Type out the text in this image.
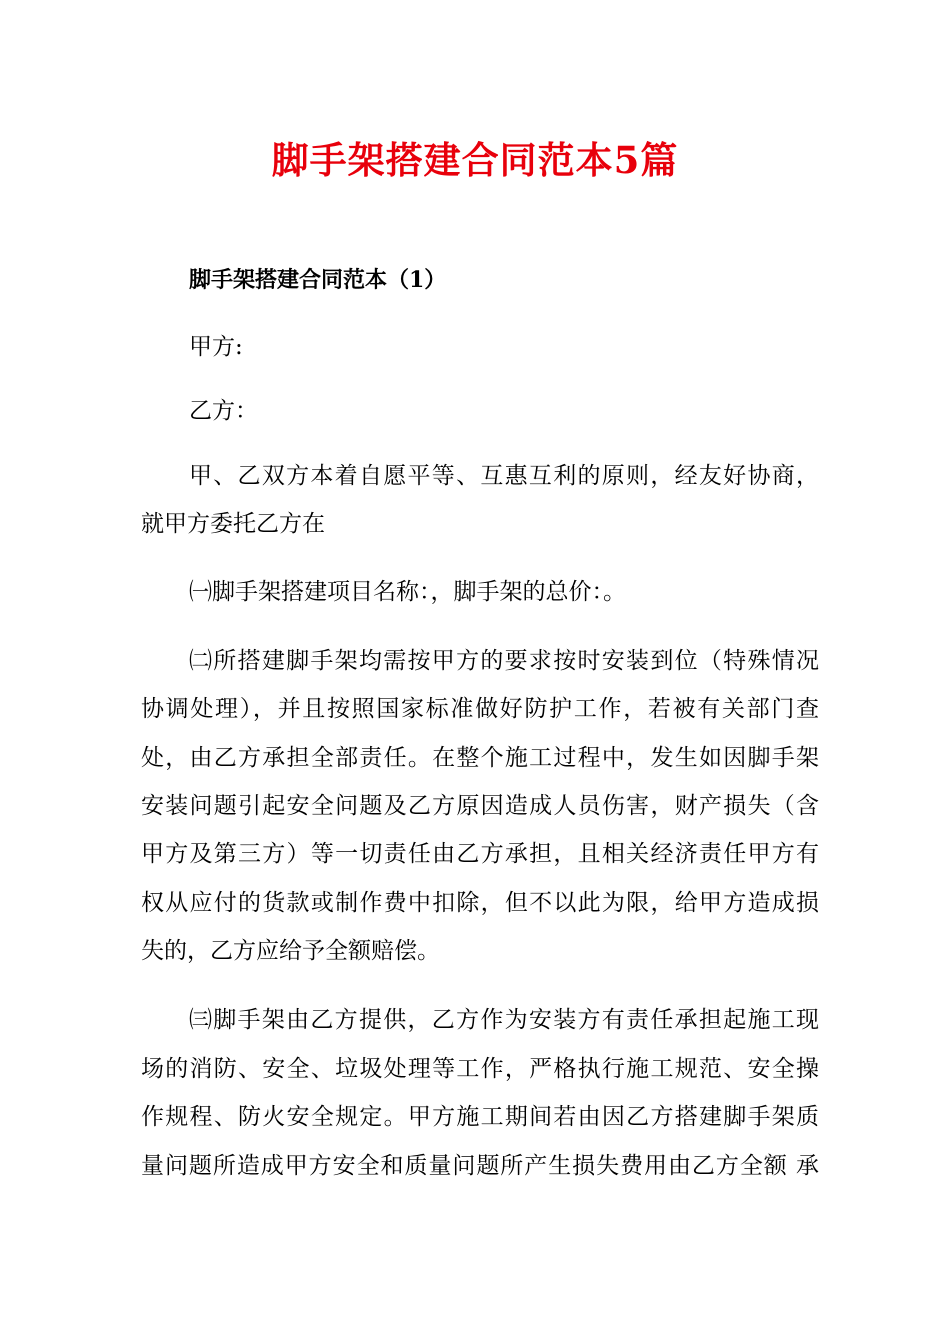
脚手架搭建合同范本5篇
脚手架搭建合同范本（1）

甲方:

乙方：

甲、乙双方本着自愿平等、互惠互利的原则，经友好协商，

就甲方委托乙方在

㈠脚手架搭建项目名称：，脚手架的总价：。

㈡所搭建脚手架均需按甲方的要求按时安装到位（特殊情况

协调处理），并且按照国家标准做好防护工作，若被有关部门查

处，由乙方承担全部责任。在整个施工过程中，发生如因脚手架

安装问题引起安全问题及乙方原因造成人员伤害，财产损失（含

甲方及第三方）等一切责任由乙方承担，且相关经济责任甲方有

权从应付的货款或制作费中扣除，但不以此为限，给甲方造成损

失的，乙方应给予全额赔偿。

㈢脚手架由乙方提供，乙方作为安装方有责任承担起施工现

场的消防、安全、垃圾处理等工作，严格执行施工规范、安全操

作规程、防火安全规定。甲方施工期间若由因乙方搭建脚手架质

量问题所造成甲方安全和质量问题所产生损失费用由乙方全额 承
